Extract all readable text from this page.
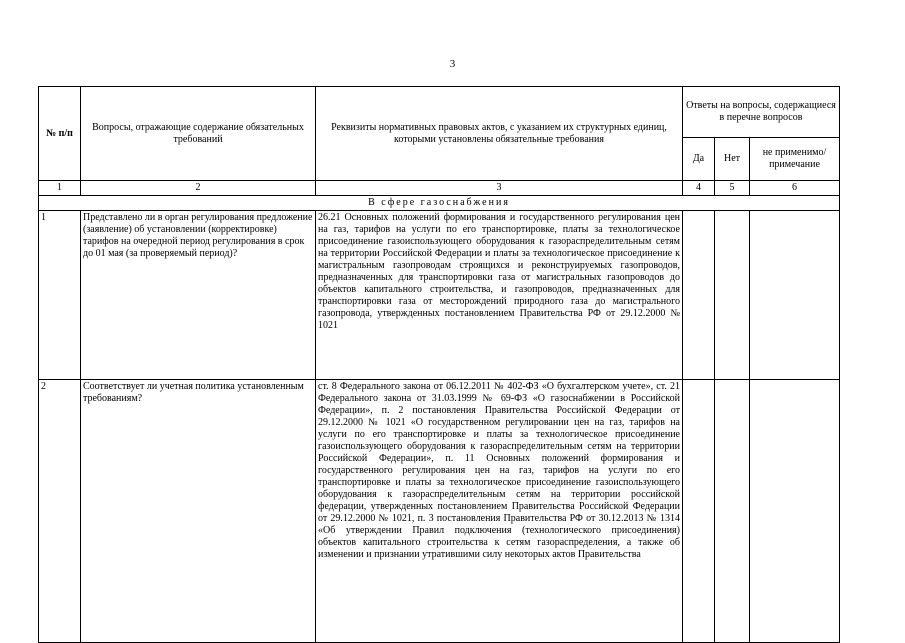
3
№ п/п	Вопросы, отражающие содержание обязательных требований	Реквизиты нормативных правовых актов, с указанием их структурных единиц, которыми установлены обязательные требования	Ответы на вопросы, содержащиеся в перечне вопросов		
			Да	Нет	не применимо/ примечание
1	2	3	4	5	6
В сфере газоснабжения					
1	Представлено ли в орган регулирования предложение (заявление) об установлении (корректировке) тарифов на очередной период регулирования в срок до 01 мая (за проверяемый период)?	26.21 Основных положений формирования и государственного регулирования цен на газ, тарифов на услуги по его транспортировке, платы за технологическое присоединение газоиспользующего оборудования к газораспределительным сетям на территории Российской Федерации и платы за технологическое присоединение к магистральным газопроводам строящихся и реконструируемых газопроводов, предназначенных для транспортировки газа от магистральных газопроводов до объектов капитального строительства, и газопроводов, предназначенных для транспортировки газа от месторождений природного газа до магистрального газопровода, утвержденных постановлением Правительства РФ от 29.12.2000 № 1021			
2	Соответствует ли учетная политика установленным требованиям?	ст. 8 Федерального закона от 06.12.2011 № 402-ФЗ «О бухгалтерском учете», ст. 21 Федерального закона от 31.03.1999 № 69-ФЗ «О газоснабжении в Российской Федерации», п. 2 постановления Правительства Российской Федерации от 29.12.2000 № 1021 «О государственном регулировании цен на газ, тарифов на услуги по его транспортировке и платы за технологическое присоединение газоиспользующего оборудования к газораспределительным сетям на территории Российской Федерации», п. 11 Основных положений формирования и государственного регулирования цен на газ, тарифов на услуги по его транспортировке и платы за технологическое присоединение газоиспользующего оборудования к газораспределительным сетям на территории российской федерации, утвержденных постановлением Правительства Российской Федерации от 29.12.2000 № 1021, п. 3 постановления Правительства РФ от 30.12.2013 № 1314 «Об утверждении Правил подключения (технологического присоединения) объектов капитального строительства к сетям газораспределения, а также об изменении и признании утратившими силу некоторых актов Правительства			
